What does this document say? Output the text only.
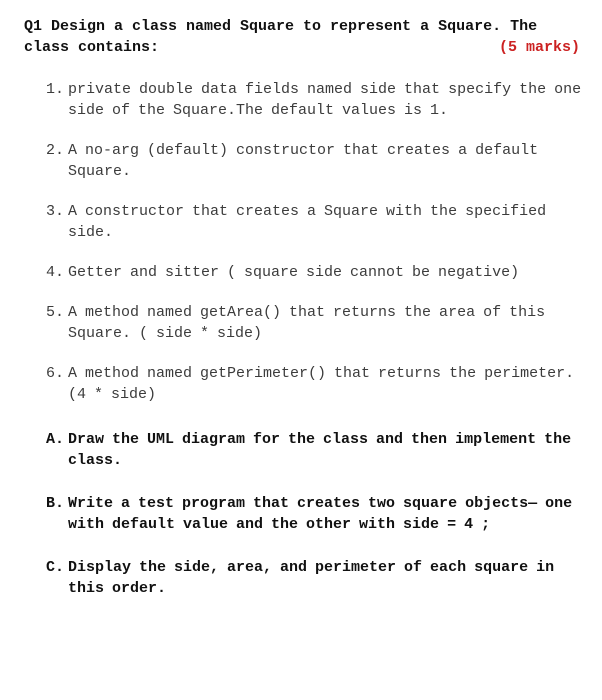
Q1 Design a class named Square to represent a Square. The
class contains:	(5 marks)
1. private double data fields named side that specify the one side of the Square.The default values is 1.
2. A no-arg (default) constructor that creates a default Square.
3. A constructor that creates a Square with the specified side.
4. Getter and sitter ( square side cannot be negative)
5. A method named getArea() that returns the area of this Square. ( side * side)
6. A method named getPerimeter() that returns the perimeter. (4 * side)
A. Draw the UML diagram for the class and then implement the class.
B. Write a test program that creates two square objects— one with default value and the other with side = 4 ;
C. Display the side, area, and perimeter of each square in this order.
